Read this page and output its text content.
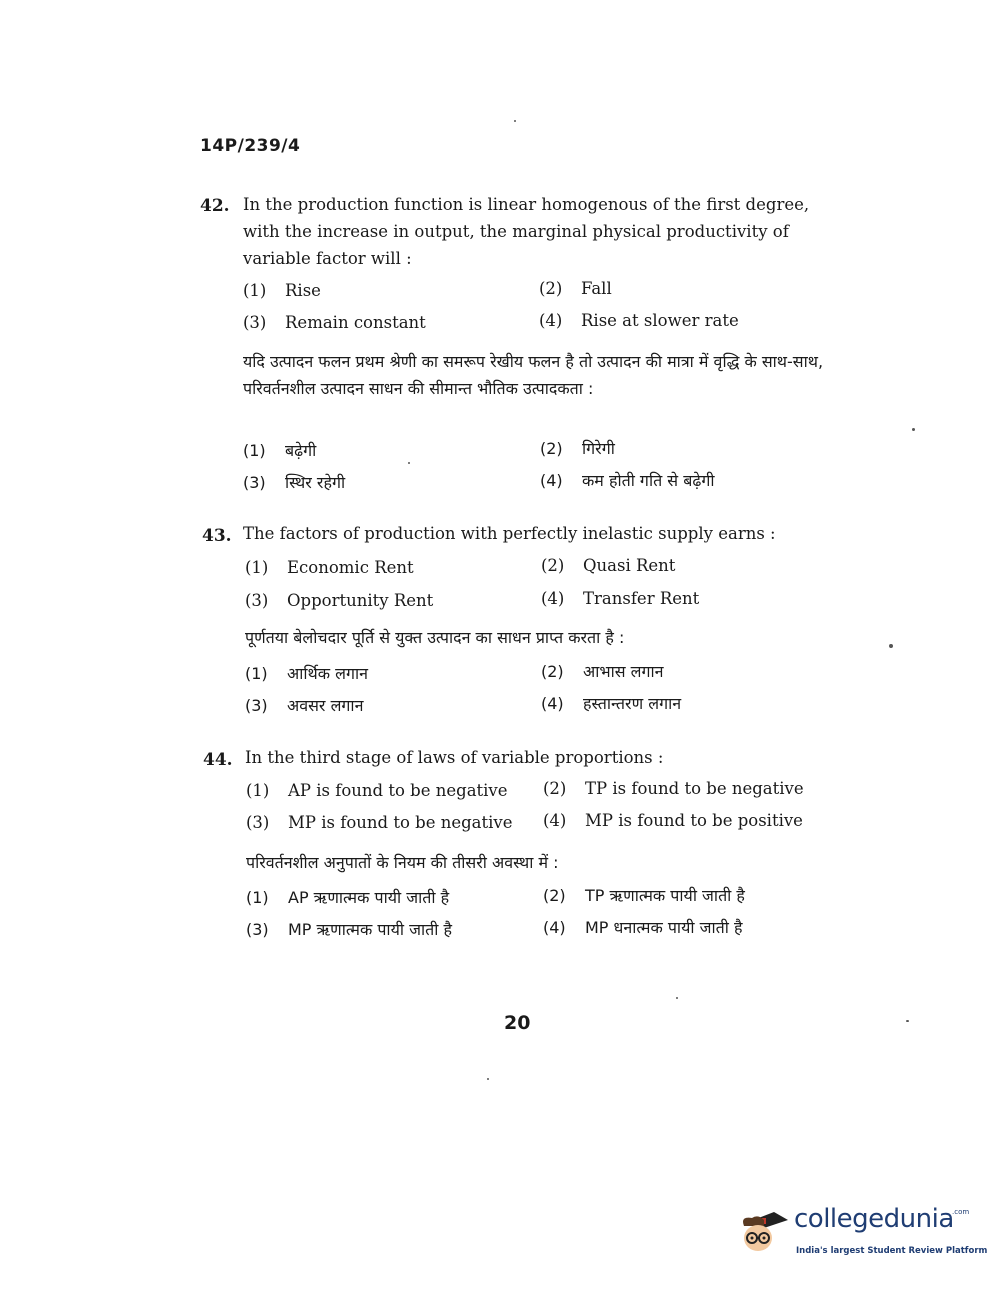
14P/239/4
42. In the production function is linear homogenous of the first degree, with the increase in output, the marginal physical productivity of variable factor will :
(1) Rise	(2) Fall
(3) Remain constant	(4) Rise at slower rate
यदि उत्पादन फलन प्रथम श्रेणी का समरूप रेखीय फलन है तो उत्पादन की मात्रा में वृद्धि के साथ-साथ, परिवर्तनशील उत्पादन साधन की सीमान्त भौतिक उत्पादकता :
(1) बढ़ेगी	(2) गिरेगी
(3) स्थिर रहेगी	(4) कम होती गति से बढ़ेगी
43. The factors of production with perfectly inelastic supply earns :
(1) Economic Rent	(2) Quasi Rent
(3) Opportunity Rent	(4) Transfer Rent
पूर्णतया बेलोचदार पूर्ति से युक्त उत्पादन का साधन प्राप्त करता है :
(1) आर्थिक लगान	(2) आभास लगान
(3) अवसर लगान	(4) हस्तान्तरण लगान
44. In the third stage of laws of variable proportions :
(1) AP is found to be negative (2) TP is found to be negative
(3) MP is found to be negative (4) MP is found to be positive
परिवर्तनशील अनुपातों के नियम की तीसरी अवस्था में :
(1) AP ऋणात्मक पायी जाती है	(2) TP ऋणात्मक पायी जाती है
(3) MP ऋणात्मक पायी जाती है	(4) MP धनात्मक पायी जाती है
20
collegedunia
.com
India's largest Student Review Platform
